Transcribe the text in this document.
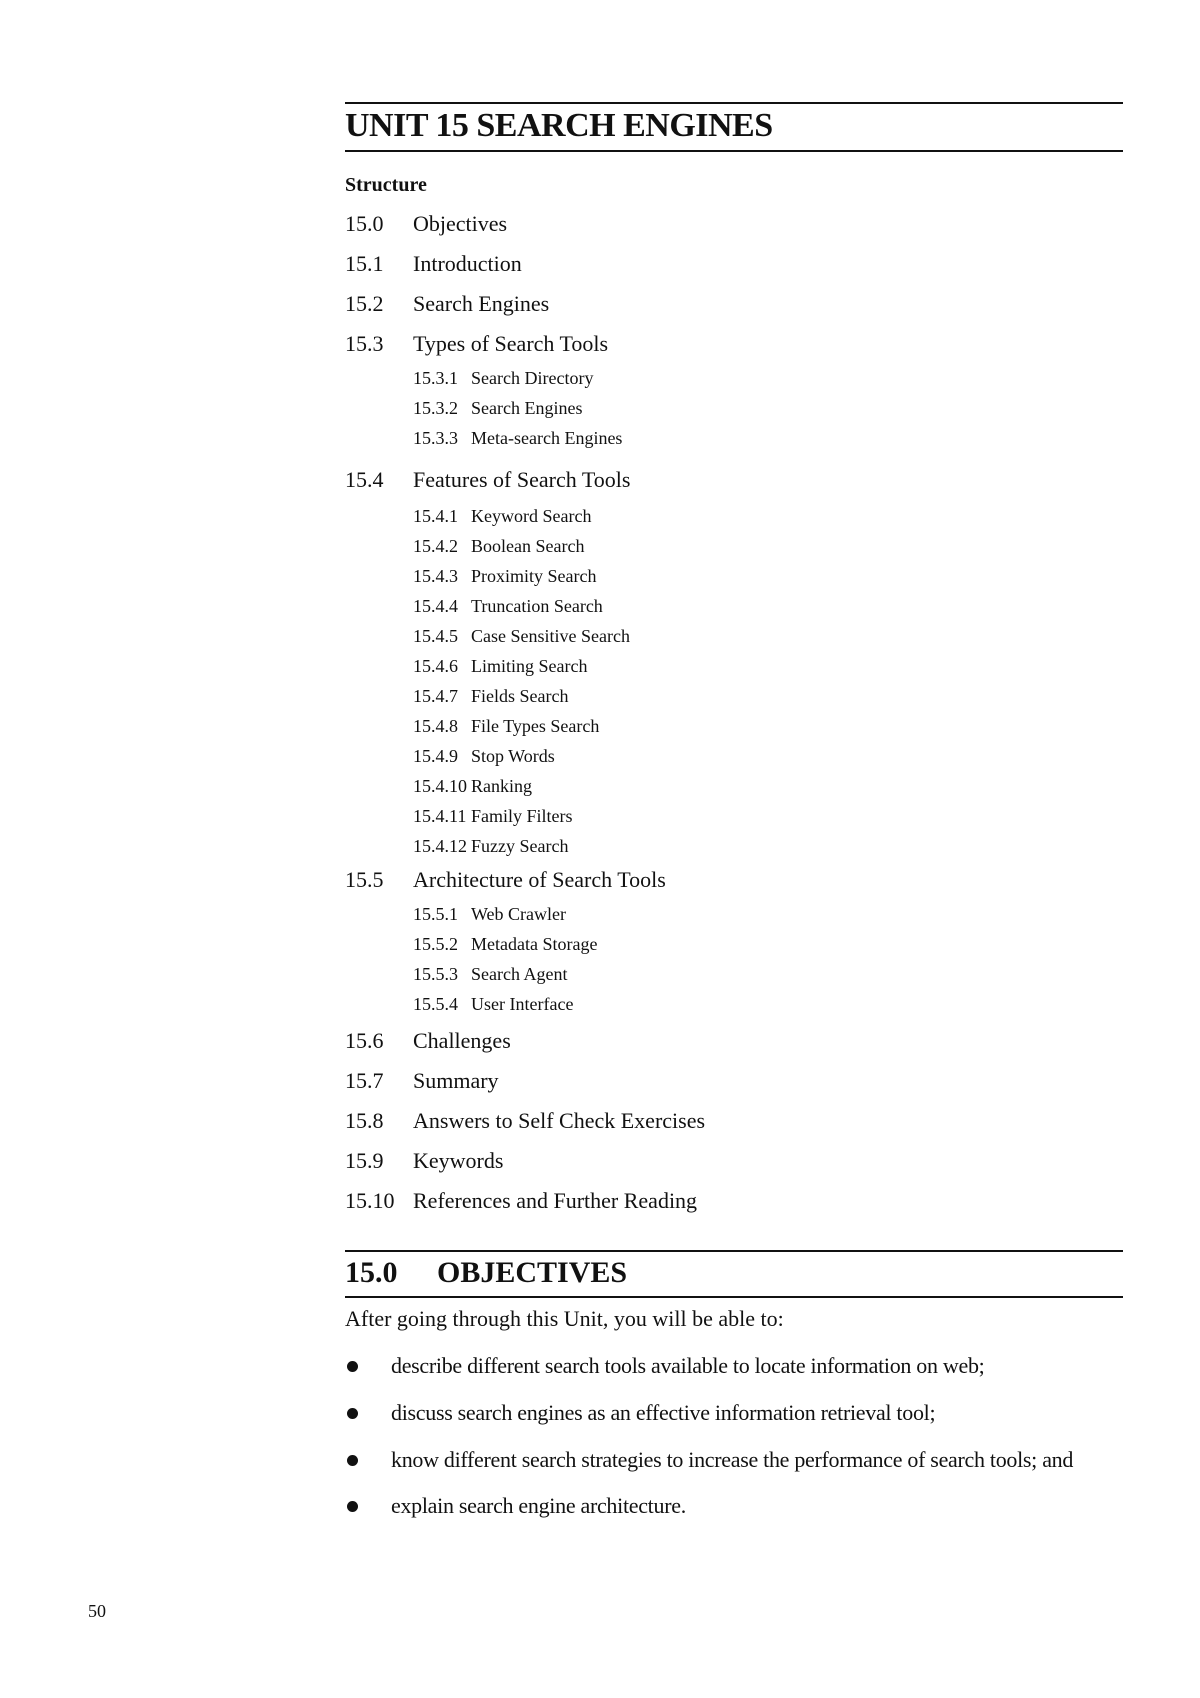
UNIT 15 SEARCH ENGINES
Structure
15.0 Objectives
15.1 Introduction
15.2 Search Engines
15.3 Types of Search Tools
15.3.1 Search Directory
15.3.2 Search Engines
15.3.3 Meta-search Engines
15.4 Features of Search Tools
15.4.1 Keyword Search
15.4.2 Boolean Search
15.4.3 Proximity Search
15.4.4 Truncation Search
15.4.5 Case Sensitive Search
15.4.6 Limiting Search
15.4.7 Fields Search
15.4.8 File Types Search
15.4.9 Stop Words
15.4.10 Ranking
15.4.11 Family Filters
15.4.12 Fuzzy Search
15.5 Architecture of Search Tools
15.5.1 Web Crawler
15.5.2 Metadata Storage
15.5.3 Search Agent
15.5.4 User Interface
15.6 Challenges
15.7 Summary
15.8 Answers to Self Check Exercises
15.9 Keywords
15.10 References and Further Reading
15.0 OBJECTIVES
After going through this Unit, you will be able to:
describe different search tools available to locate information on web;
discuss search engines as an effective information retrieval tool;
know different search strategies to increase the performance of search tools; and
explain search engine architecture.
50
